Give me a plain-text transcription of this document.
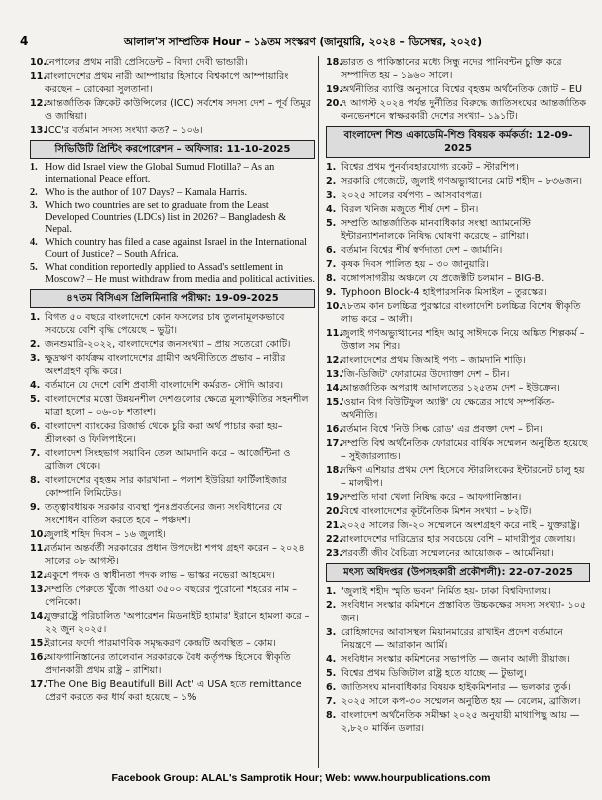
4	আলাল'স সাম্প্রতিক Hour – ১৯তম সংস্করণ (জানুয়ারি, ২০২৪ – ডিসেম্বর, ২০২৫)
10.
নেপালের প্রথম নারী প্রেসিডেন্ট – বিদ্যা দেবী ভান্ডারী।
11.
বাংলাদেশের প্রথম নারী আম্পায়ার হিসাবে বিশ্বকাপে আম্পায়ারিং করছেন – রোকেয়া সুলতানা।
12.
আন্তর্জাতিক ক্রিকেট কাউন্সিলের (ICC) সর্বশেষ সদস্য দেশ – পূর্ব তিমুর ও জাম্বিয়া।
13.
ICC'র বর্তমান সদস্য সংখ্যা কত? – ১০৬।
সিভিউিটি প্রিন্টিং করপোরেশন – অফিসার: 11-10-2025
1. How did Israel view the Global Sumud Flotilla? – As an international Peace effort.
2. Who is the author of 107 Days? – Kamala Harris.
3. Which two countries are set to graduate from the Least Developed Countries (LDCs) list in 2026? – Bangladesh & Nepal.
4. Which country has filed a case against Israel in the International Court of Justice? – South Africa.
5. What condition reportedly applied to Assad's settlement in Moscow? – He must withdraw from media and political activities.
৪৭তম বিসিএস প্রিলিমিনারি পরীক্ষা: 19-09-2025
1. বিগত ৫০ বছরে বাংলাদেশে কোন ফসলের চাষ তুলনামূলকভাবে সবচেয়ে বেশি বৃদ্ধি পেয়েছে – ভুট্টা।
2. জনশুমারি-২০২২, বাংলাদেশের জনসংখ্যা – প্রায় সতেরো কোটি।
3. ক্ষুদ্রঋণ কার্যক্রম বাংলাদেশের গ্রামীণ অর্থনীতিতে প্রভাব – নারীর অংশগ্রহণ বৃদ্ধি করে।
4. বর্তমানে যে দেশে বেশি প্রবাসী বাংলাদেশি কর্মরত- সৌদি আরব।
5. বাংলাদেশের মত্তো উন্নয়নশীল দেশগুলোর ক্ষেত্রে মূল্যস্ফীতির সহনশীল মাত্রা হলো – ০৬-০৮ শতাংশ।
6. বাংলাদেশ ব্যাংকের রিজার্ভ থেকে চুরি করা অর্থ পাচার করা হয়– শ্রীলংকা ও ফিলিপাইনে।
7. বাংলাদেশ সিংহভাগ সয়াবিন তেল আমদানি করে – আর্জেন্টিনা ও ব্রাজিল থেকে।
8. বাংলাদেশের বৃহত্তম সার কারখানা – পলাশ ইউরিয়া ফার্টিলাইজার কোম্পানি লিমিটেড।
9. তত্ত্বাবধায়ক সরকার ব্যবস্থা পুনঃপ্রবর্তনের জন্য সংবিধানের যে সংশোধন বাতিল করতে হবে – পঞ্চদশ।
10.
জুলাই শহিদ দিবস – ১৬ জুলাই।
11.
বর্তমান অন্তর্বর্তী সরকারের প্রধান উপদেষ্টা শপথ গ্রহণ করেন – ২০২৪ সালের ০৮ আগস্ট।
12.
একুশে পদক ও স্বাধীনতা পদক লাভ – ভাস্কর নভেরা আহমেদ।
13.
সম্প্রতি পেরুতে খুঁজে পাওয়া ৩৫০০ বছরের পুরোনো শহরের নাম – পেনিকো।
14.
যুক্তরাষ্ট্রে পরিচালিত 'অপারেশন মিডনাইট হ্যামার' ইরানে হামলা করে – ২২ জুন ২০২৫।
15.
ইরানের ফর্দো পারমাণবিক সমৃদ্ধকরণ কেন্দ্রটি অবস্থিত – কোম।
16.
আফগানিস্তানের তালেবান সরকারকে বৈধ কর্তৃপক্ষ হিসেবে স্বীকৃতি প্রদানকারী প্রথম রাষ্ট্র – রাশিয়া।
17.
'The One Big Beautifull Bill Act' এ USA হতে remittance প্রেরণ করতে কর ধার্য করা হয়েছে – ১%
18.
ভারত ও পাকিস্তানের মধ্যে সিন্ধু নদের পানিবন্টন চুক্তি করে সম্পাদিত হয় – ১৯৬০ সালে।
19.
অর্থনীতির ব্যাপ্তি অনুসারে বিশ্বের বৃহত্তম অর্থনৈতিক জোট – EU
20.
৭ আগস্ট ২০২৪ পর্যন্ত দুর্নীতির বিরুদ্ধে জাতিসংঘের আন্তর্জাতিক কনভেনশনে স্বাক্ষরকারী দেশের সংখ্যা– ১৯১টি।
বাংলাদেশ শিশু একাডেমি-শিশু বিষয়ক কর্মকর্তা: 12-09-2025
1. বিশ্বের প্রথম পুনর্ব্যবহারযোগ্য রকেট – স্টারশিপ।
2. সরকারি গেজেটে, জুলাই গণঅভ্যুত্থানের মোট শহীদ – ৮৩৬জন।
3. ২০২৫ সালের বর্ষপণ্য – আসবাবপত্র।
4. বিরল খনিজ মজুতে শীর্ষ দেশ – চীন।
5. সম্প্রতি আন্তর্জাতিক মানবাধিকার সংস্থা অ্যামনেস্টি ইন্টারন্যাশনালকে নিষিদ্ধ ঘোষণা করেছে – রাশিয়া।
6. বর্তমান বিশ্বের শীর্ষ স্বর্ণদাতা দেশ – জার্মানি।
7. কৃষক দিবস পালিত হয় – ৩০ জানুয়ারি।
8. বঙ্গোপসাগরীয় অঞ্চলে যে প্রজেক্টটি চলমান – BIG-B.
9. Typhoon Block-4 হাইপারসনিক মিসাইল – তুরস্কের।
10.
৭৮তম কান চলচ্চিত্র পুরস্কারে বাংলাদেশি চলচ্চিত্র বিশেষ স্বীকৃতি লাভ করে – আলী।
11.
জুলাই গণঅভ্যুত্থানের শহিদ আবু সাঈদকে নিয়ে অঙ্কিত শিল্পকর্ম – উত্তাল সম শির।
12.
বাংলাদেশের প্রথম জিআই পণ্য – জামদানি শাড়ি।
13.
'জি-ডিজিট' ফোরামের উদ্যোক্তা দেশ – চীন।
14.
আন্তর্জাতিক অপরাধ আদালতের ১২৫তম দেশ – ইউক্রেন।
15.
'ওয়ান বিগ বিউটিফুল অ্যাক্ট' যে ক্ষেত্রের সাথে সম্পর্কিত-অর্থনীতি।
16.
বর্তমান বিশ্বে 'নিউ সিল্ক রোড' এর প্রবক্তা দেশ – চীন।
17.
সম্প্রতি বিশ্ব অর্থনৈতিক ফোরামের বার্ষিক সম্মেলন অনুষ্ঠিত হয়েছে – সুইজারল্যান্ড।
18.
দক্ষিণ এশিয়ার প্রথম দেশ হিসেবে স্টারলিংকের ইন্টারনেট চালু হয় – মালদ্বীপ।
19.
সম্প্রতি দাবা খেলা নিষিদ্ধ করে – আফগানিস্তান।
20.
বিশ্বে বাংলাদেশের কূটনৈতিক মিশন সংখ্যা – ৮২টি।
21.
২০২৫ সালের জি-২০ সম্মেলনে অংশগ্রহণ করে নাই – যুক্তরাষ্ট্র।
22.
বাংলাদেশের দারিদ্র্যের হার সবচেয়ে বেশি – মাদারীপুর জেলায়।
23.
পরবর্তী জীব বৈচিত্র্য সম্মেলনের আয়োজক – আর্মেনিয়া।
মৎস্য অধিদপ্তর (উপসহকারী প্রকৌশলী): 22-07-2025
1. 'জুলাই শহীদ স্মৃতি ভবন' নির্মিত হয়- ঢাকা বিশ্ববিদ্যালয়।
2. সংবিধান সংস্কার কমিশনে প্রস্তাবিত উচ্চকক্ষের সদস্য সংখ্যা- ১০৫ জন।
3. রোহিঙ্গাদের আবাসস্থল মিয়ানমারের রাখাইন প্রদেশ বর্তমানে নিয়ন্ত্রণে — আরাকান আর্মি।
4. সংবিধান সংস্কার কমিশনের সভাপতি — জনাব আলী রীয়াজ।
5. বিশ্বের প্রথম ডিজিটাল রাষ্ট্র হতে যাচ্ছে — টুভালু।
6. জাতিসংঘ মানবাধিকার বিষয়ক হাইকমিশনার — ভলকার তুর্ক।
7. ২০২৫ সালে কপ-৩০ সম্মেলন অনুষ্ঠিত হয় — বেলেম, ব্রাজিল।
8. বাংলাদেশ অর্থনৈতিক সমীক্ষা ২০২৫ অনুযায়ী মাথাপিছু আয় — ২,৮২০ মার্কিন ডলার।
Facebook Group: ALAL's Samprotik Hour; Web: www.hourpublications.com
